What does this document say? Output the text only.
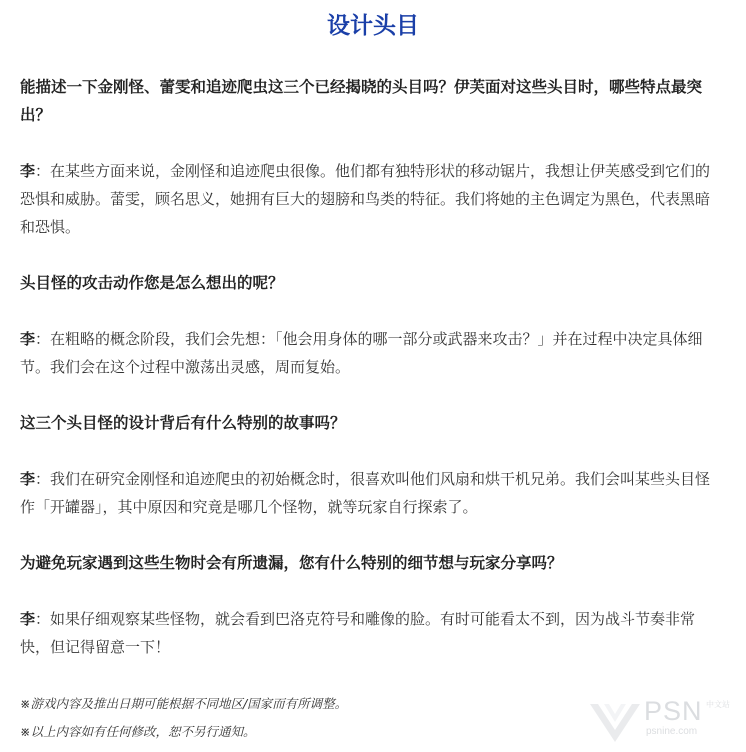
设计头目

能描述一下金刚怪、蕾雯和追迹爬虫这三个已经揭晓的头目吗？伊芙面对这些头目时，哪些特点最突出？

李：在某些方面来说，金刚怪和追迹爬虫很像。他们都有独特形状的移动锯片，我想让伊芙感受到它们的恐惧和威胁。蕾雯，顾名思义，她拥有巨大的翅膀和鸟类的特征。我们将她的主色调定为黑色，代表黑暗和恐惧。

头目怪的攻击动作您是怎么想出的呢？

李：在粗略的概念阶段，我们会先想：「他会用身体的哪一部分或武器来攻击？」并在过程中决定具体细节。我们会在这个过程中激荡出灵感，周而复始。

这三个头目怪的设计背后有什么特别的故事吗？

李：我们在研究金刚怪和追迹爬虫的初始概念时，很喜欢叫他们风扇和烘干机兄弟。我们会叫某些头目怪作「开罐器」，其中原因和究竟是哪几个怪物，就等玩家自行探索了。

为避免玩家遇到这些生物时会有所遗漏，您有什么特别的细节想与玩家分享吗？

李：如果仔细观察某些怪物，就会看到巴洛克符号和雕像的脸。有时可能看太不到，因为战斗节奏非常快，但记得留意一下！

※游戏内容及推出日期可能根据不同地区/国家而有所调整。

※以上内容如有任何修改，恕不另行通知。

PSN 中文站
psnine.com
